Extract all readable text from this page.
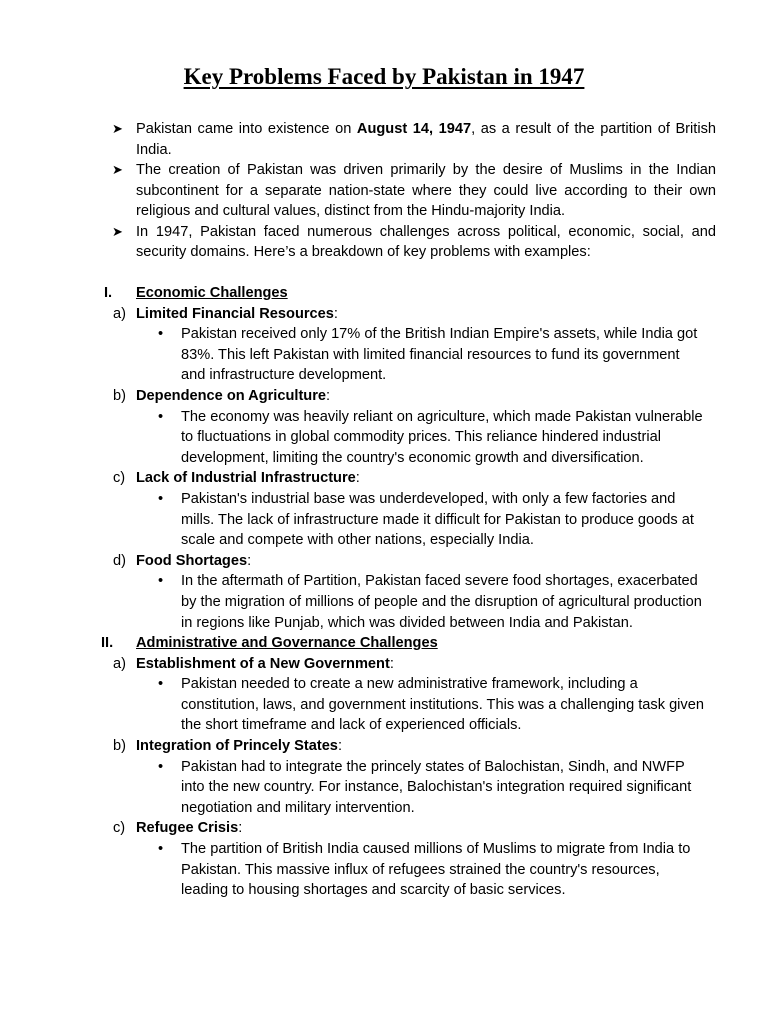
Key Problems Faced by Pakistan in 1947
➤ Pakistan came into existence on August 14, 1947, as a result of the partition of British India.
➤ The creation of Pakistan was driven primarily by the desire of Muslims in the Indian subcontinent for a separate nation-state where they could live according to their own religious and cultural values, distinct from the Hindu-majority India.
➤ In 1947, Pakistan faced numerous challenges across political, economic, social, and security domains. Here’s a breakdown of key problems with examples:
I.	Economic Challenges
a) Limited Financial Resources:
• Pakistan received only 17% of the British Indian Empire's assets, while India got 83%. This left Pakistan with limited financial resources to fund its government and infrastructure development.
b) Dependence on Agriculture:
• The economy was heavily reliant on agriculture, which made Pakistan vulnerable to fluctuations in global commodity prices. This reliance hindered industrial development, limiting the country's economic growth and diversification.
c) Lack of Industrial Infrastructure:
• Pakistan's industrial base was underdeveloped, with only a few factories and mills. The lack of infrastructure made it difficult for Pakistan to produce goods at scale and compete with other nations, especially India.
d) Food Shortages:
• In the aftermath of Partition, Pakistan faced severe food shortages, exacerbated by the migration of millions of people and the disruption of agricultural production in regions like Punjab, which was divided between India and Pakistan.
II.	Administrative and Governance Challenges
a) Establishment of a New Government:
• Pakistan needed to create a new administrative framework, including a constitution, laws, and government institutions. This was a challenging task given the short timeframe and lack of experienced officials.
b) Integration of Princely States:
• Pakistan had to integrate the princely states of Balochistan, Sindh, and NWFP into the new country. For instance, Balochistan's integration required significant negotiation and military intervention.
c) Refugee Crisis:
• The partition of British India caused millions of Muslims to migrate from India to Pakistan. This massive influx of refugees strained the country's resources, leading to housing shortages and scarcity of basic services.
